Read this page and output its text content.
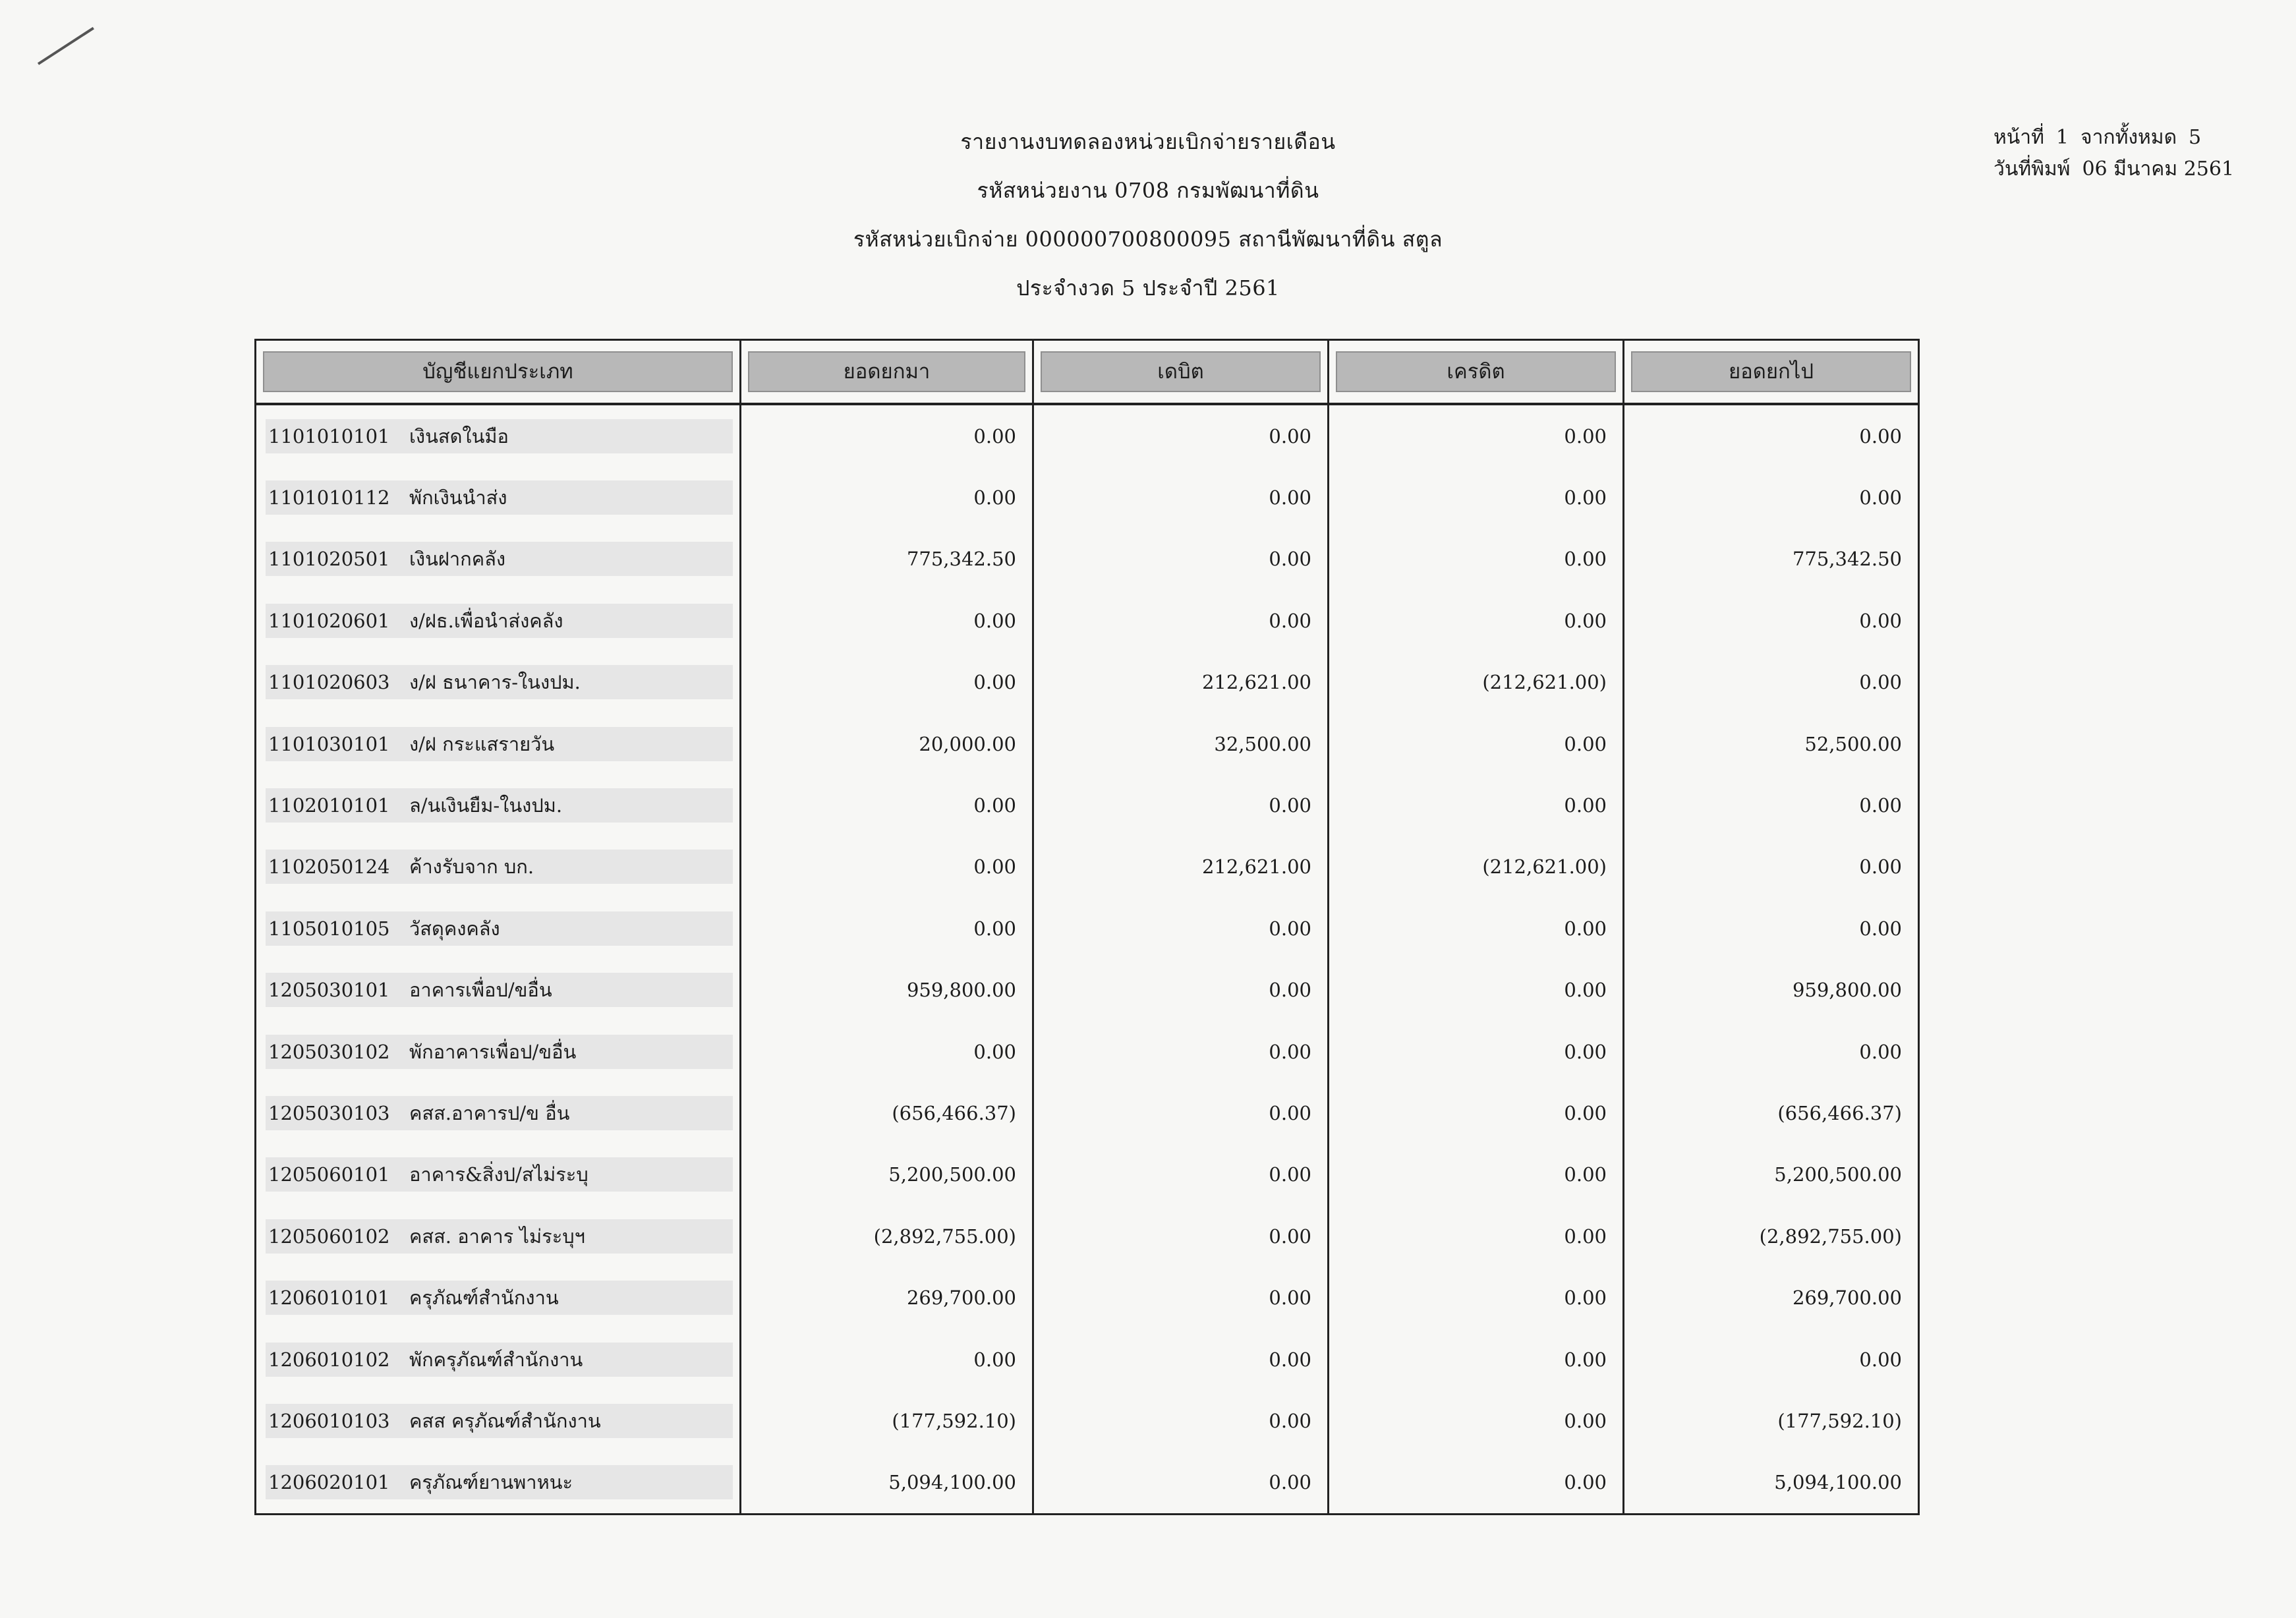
รายงานงบทดลองหน่วยเบิกจ่ายรายเดือน
รหัสหน่วยงาน 0708 กรมพัฒนาที่ดิน
รหัสหน่วยเบิกจ่าย 000000700800095 สถานีพัฒนาที่ดิน สตูล
ประจำงวด 5 ประจำปี 2561
หน้าที่ 1 จากทั้งหมด 5
วันที่พิมพ์ 06 มีนาคม 2561
บัญชีแยกประเภท	ยอดยกมา	เดบิต	เครดิต	ยอดยกไป

1101010101 เงินสดในมือ	0.00	0.00	0.00	0.00

1101010112 พักเงินนำส่ง	0.00	0.00	0.00	0.00

1101020501 เงินฝากคลัง	775,342.50	0.00	0.00	775,342.50

1101020601 ง/ฝธ.เพื่อนำส่งคลัง	0.00	0.00	0.00	0.00

1101020603 ง/ฝ ธนาคาร-ในงปม.	0.00	212,621.00	(212,621.00)	0.00

1101030101 ง/ฝ กระแสรายวัน	20,000.00	32,500.00	0.00	52,500.00

1102010101 ล/นเงินยืม-ในงปม.	0.00	0.00	0.00	0.00

1102050124 ค้างรับจาก บก.	0.00	212,621.00	(212,621.00)	0.00

1105010105 วัสดุคงคลัง	0.00	0.00	0.00	0.00

1205030101 อาคารเพื่อป/ขอื่น	959,800.00	0.00	0.00	959,800.00

1205030102 พักอาคารเพื่อป/ขอื่น	0.00	0.00	0.00	0.00

1205030103 คสส.อาคารป/ข อื่น	(656,466.37)	0.00	0.00	(656,466.37)

1205060101 อาคาร&สิ่งป/สไม่ระบุ	5,200,500.00	0.00	0.00	5,200,500.00

1205060102 คสส. อาคาร ไม่ระบุฯ	(2,892,755.00)	0.00	0.00	(2,892,755.00)

1206010101 ครุภัณฑ์สำนักงาน	269,700.00	0.00	0.00	269,700.00

1206010102 พักครุภัณฑ์สำนักงาน	0.00	0.00	0.00	0.00

1206010103 คสส ครุภัณฑ์สำนักงาน	(177,592.10)	0.00	0.00	(177,592.10)

1206020101 ครุภัณฑ์ยานพาหนะ	5,094,100.00	0.00	0.00	5,094,100.00
